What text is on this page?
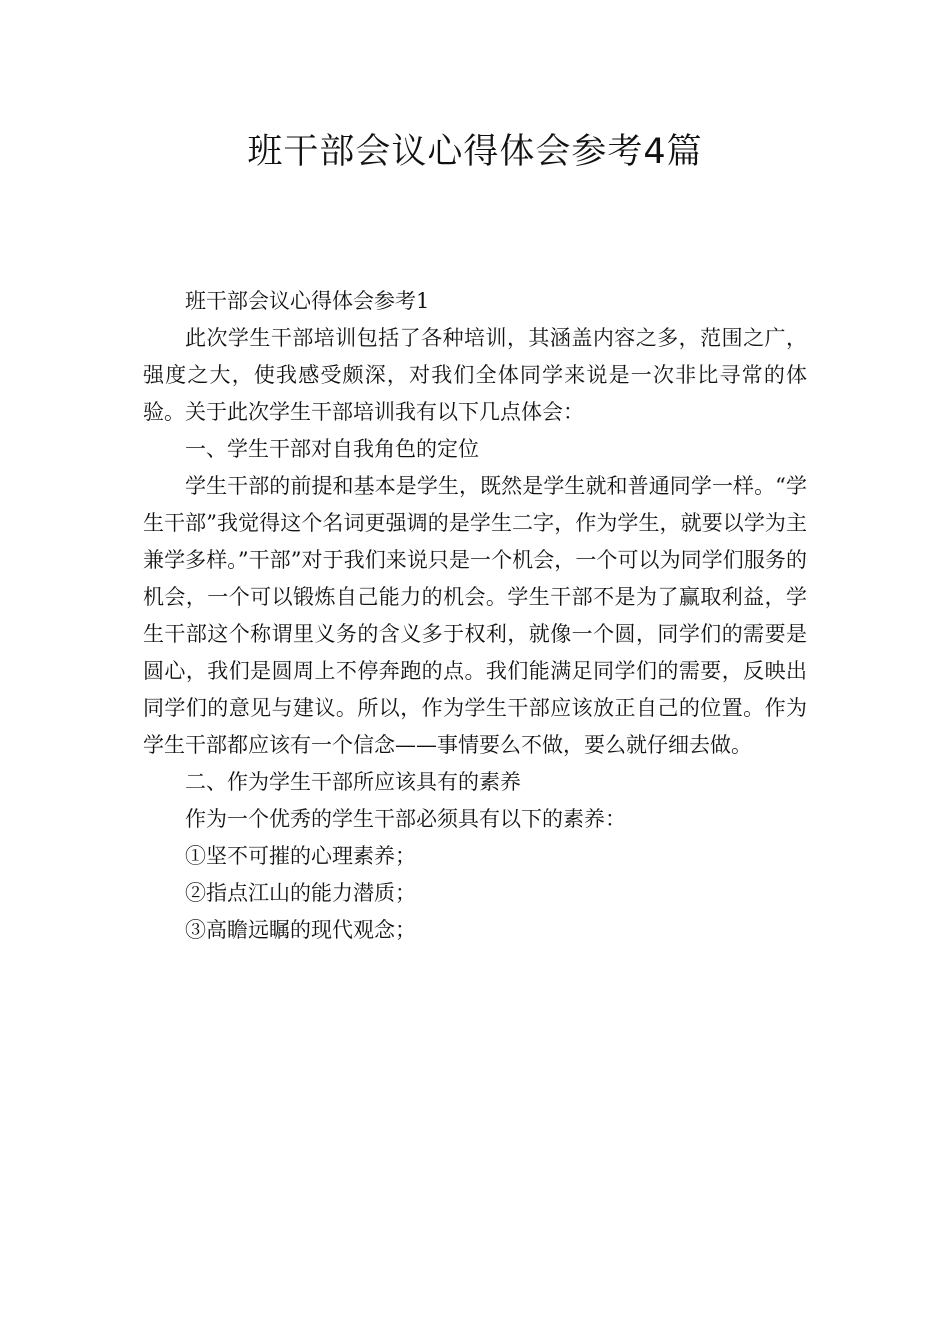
班干部会议心得体会参考4篇

班干部会议心得体会参考1

此次学生干部培训包括了各种培训，其涵盖内容之多，范围之广，强度之大，使我感受颇深，对我们全体同学来说是一次非比寻常的体验。关于此次学生干部培训我有以下几点体会：

一、学生干部对自我角色的定位

学生干部的前提和基本是学生，既然是学生就和普通同学一样。“学生干部”我觉得这个名词更强调的是学生二字，作为学生，就要以学为主兼学多样。”干部”对于我们来说只是一个机会，一个可以为同学们服务的机会，一个可以锻炼自己能力的机会。学生干部不是为了赢取利益，学生干部这个称谓里义务的含义多于权利，就像一个圆，同学们的需要是圆心，我们是圆周上不停奔跑的点。我们能满足同学们的需要，反映出同学们的意见与建议。所以，作为学生干部应该放正自己的位置。作为学生干部都应该有一个信念——事情要么不做，要么就仔细去做。

二、作为学生干部所应该具有的素养

作为一个优秀的学生干部必须具有以下的素养：

①坚不可摧的心理素养；

②指点江山的能力潜质；

③高瞻远瞩的现代观念；
